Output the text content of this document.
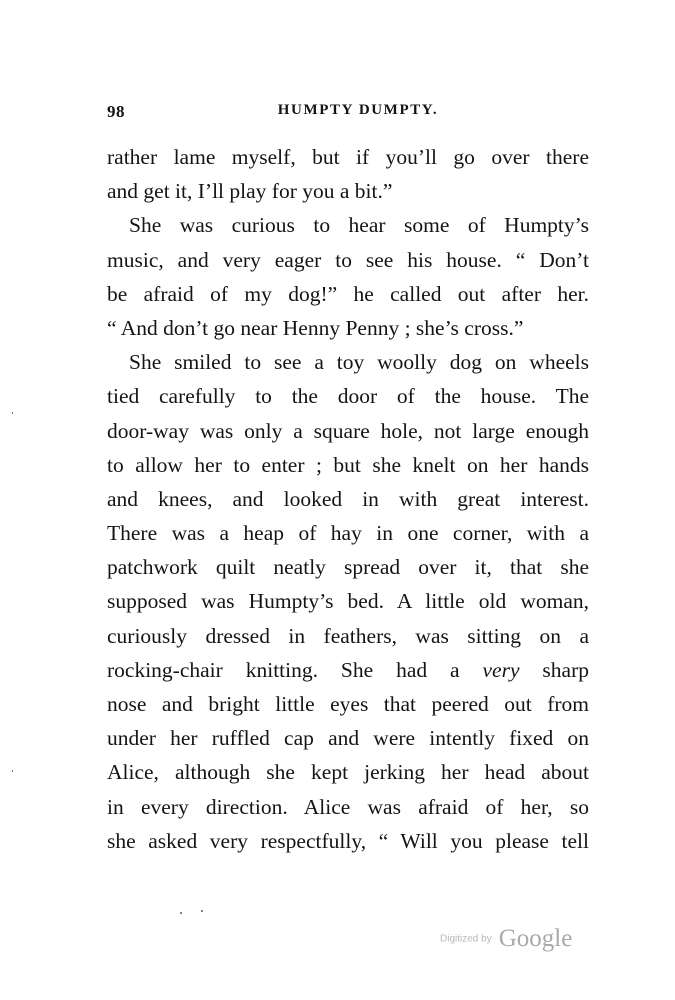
98	HUMPTY DUMPTY.
rather lame myself, but if you’ll go over there
and get it, I’ll play for you a bit.”
She was curious to hear some of Humpty’s
music, and very eager to see his house. “ Don’t
be afraid of my dog!” he called out after her.
“ And don’t go near Henny Penny ; she’s cross.”
She smiled to see a toy woolly dog on wheels
tied carefully to the door of the house. The
door-way was only a square hole, not large enough
to allow her to enter ; but she knelt on her hands
and knees, and looked in with great interest.
There was a heap of hay in one corner, with a
patchwork quilt neatly spread over it, that she
supposed was Humpty’s bed. A little old woman,
curiously dressed in feathers, was sitting on a
rocking-chair knitting. She had a very sharp
nose and bright little eyes that peered out from
under her ruffled cap and were intently fixed on
Alice, although she kept jerking her head about
in every direction. Alice was afraid of her, so
she asked very respectfully, “ Will you please tell
Digitized by Google
